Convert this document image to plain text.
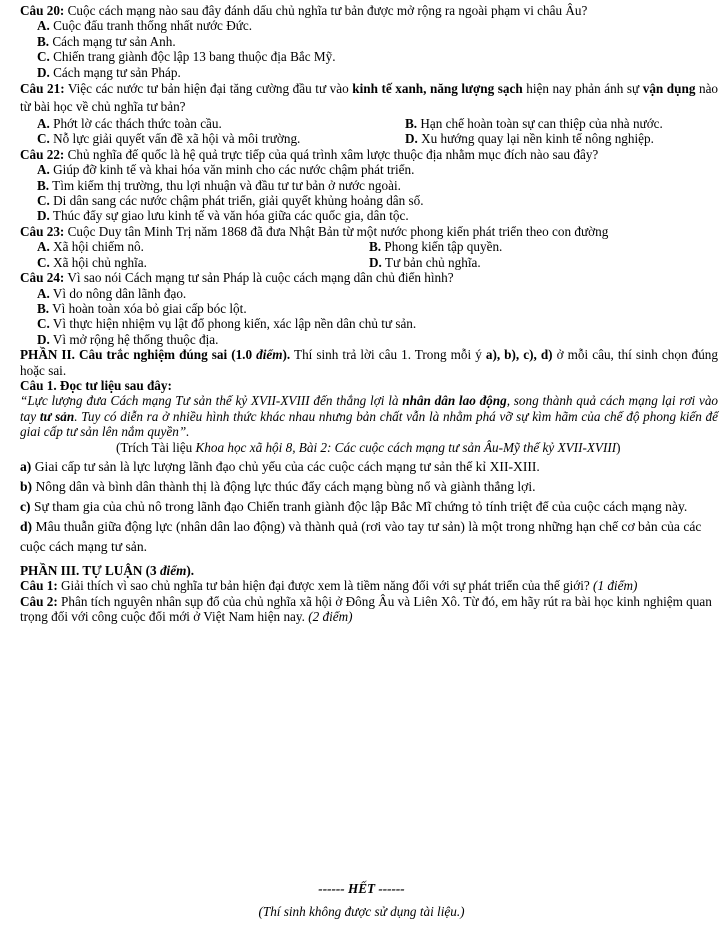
Câu 20: Cuộc cách mạng nào sau đây đánh dấu chủ nghĩa tư bản được mở rộng ra ngoài phạm vi châu Âu?
A. Cuộc đấu tranh thống nhất nước Đức.
B. Cách mạng tư sản Anh.
C. Chiến trang giành độc lập 13 bang thuộc địa Bắc Mỹ.
D. Cách mạng tư sản Pháp.
Câu 21: Việc các nước tư bản hiện đại tăng cường đầu tư vào kinh tế xanh, năng lượng sạch hiện nay phản ánh sự vận dụng nào từ bài học về chủ nghĩa tư bản?
A. Phớt lờ các thách thức toàn cầu.	B. Hạn chế hoàn toàn sự can thiệp của nhà nước.
C. Nỗ lực giải quyết vấn đề xã hội và môi trường.	D. Xu hướng quay lại nền kinh tế nông nghiệp.
Câu 22: Chủ nghĩa đế quốc là hệ quả trực tiếp của quá trình xâm lược thuộc địa nhằm mục đích nào sau đây?
A. Giúp đỡ kinh tế và khai hóa văn minh cho các nước chậm phát triển.
B. Tìm kiếm thị trường, thu lợi nhuận và đầu tư tư bản ở nước ngoài.
C. Di dân sang các nước chậm phát triển, giải quyết khủng hoảng dân số.
D. Thúc đẩy sự giao lưu kinh tế và văn hóa giữa các quốc gia, dân tộc.
Câu 23: Cuộc Duy tân Minh Trị năm 1868 đã đưa Nhật Bản từ một nước phong kiến phát triển theo con đường
A. Xã hội chiếm nô.	B. Phong kiến tập quyền.
C. Xã hội chủ nghĩa.	D. Tư bản chủ nghĩa.
Câu 24: Vì sao nói Cách mạng tư sản Pháp là cuộc cách mạng dân chủ điển hình?
A. Vì do nông dân lãnh đạo.
B. Vì hoàn toàn xóa bỏ giai cấp bóc lột.
C. Vì thực hiện nhiệm vụ lật đổ phong kiến, xác lập nền dân chủ tư sản.
D. Vì mở rộng hệ thống thuộc địa.
PHẦN II. Câu trắc nghiệm đúng sai (1.0 điểm). Thí sinh trả lời câu 1. Trong mỗi ý a), b), c), d) ở mỗi câu, thí sinh chọn đúng hoặc sai.
Câu 1. Đọc tư liệu sau đây:
“Lực lượng đưa Cách mạng Tư sản thế kỷ XVII-XVIII đến thắng lợi là nhân dân lao động, song thành quả cách mạng lại rơi vào tay tư sản. Tuy có diễn ra ở nhiều hình thức khác nhau nhưng bản chất vẫn là nhằm phá vỡ sự kìm hãm của chế độ phong kiến để giai cấp tư sản lên nắm quyền”.
(Trích Tài liệu Khoa học xã hội 8, Bài 2: Các cuộc cách mạng tư sản Âu-Mỹ thế kỷ XVII-XVIII)
a) Giai cấp tư sản là lực lượng lãnh đạo chủ yếu của các cuộc cách mạng tư sản thế kỉ XII-XIII.
b) Nông dân và bình dân thành thị là động lực thúc đẩy cách mạng bùng nổ và giành thắng lợi.
c) Sự tham gia của chủ nô trong lãnh đạo Chiến tranh giành độc lập Bắc Mĩ chứng tỏ tính triệt để của cuộc cách mạng này.
d) Mâu thuẫn giữa động lực (nhân dân lao động) và thành quả (rơi vào tay tư sản) là một trong những hạn chế cơ bản của các cuộc cách mạng tư sản.
PHẦN III. TỰ LUẬN (3 điểm).
Câu 1: Giải thích vì sao chủ nghĩa tư bản hiện đại được xem là tiềm năng đối với sự phát triển của thế giới? (1 điểm)
Câu 2: Phân tích nguyên nhân sụp đổ của chủ nghĩa xã hội ở Đông Âu và Liên Xô. Từ đó, em hãy rút ra bài học kinh nghiệm quan trọng đối với công cuộc đổi mới ở Việt Nam hiện nay. (2 điểm)
------ HẾT ------
(Thí sinh không được sử dụng tài liệu.)
